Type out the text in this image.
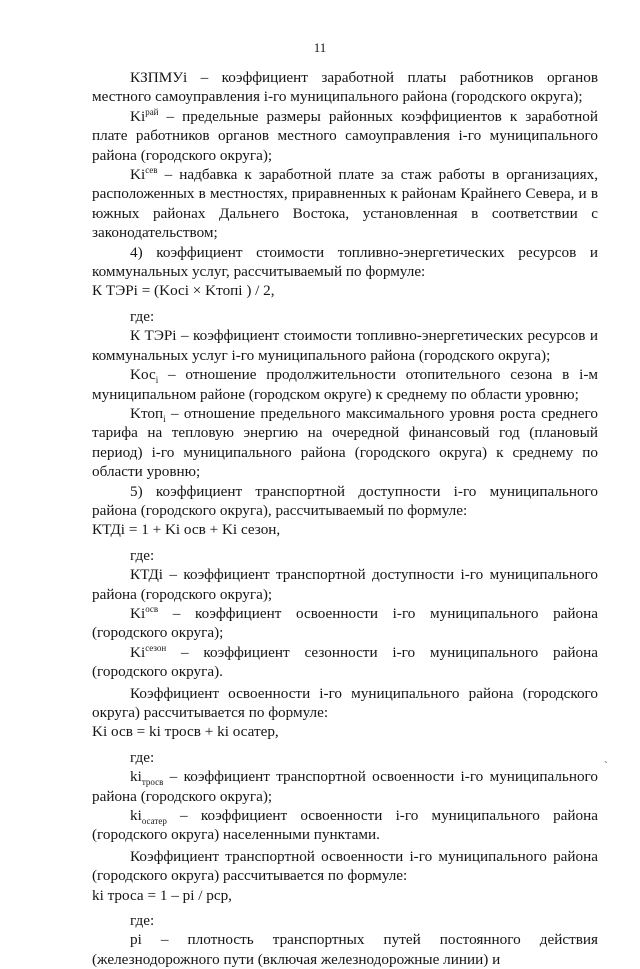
11

КЗПМУi – коэффициент заработной платы работников органов местного самоуправления i-го муниципального района (городского округа);

$Ki^{рай}$ – предельные размеры районных коэффициентов к заработной плате работников органов местного самоуправления i-го муниципального района (городского округа);

$Ki^{сев}$ – надбавка к заработной плате за стаж работы в организациях, расположенных в местностях, приравненных к районам Крайнего Севера, и в южных районах Дальнего Востока, установленная в соответствии с законодательством;

4) коэффициент стоимости топливно-энергетических ресурсов и коммунальных услуг, рассчитываемый по формуле:

К ТЭРi = (Kосi × Kтопi ) / 2,

где:

К ТЭРi – коэффициент стоимости топливно-энергетических ресурсов и коммунальных услуг i-го муниципального района (городского округа);

Kос$_i$ – отношение продолжительности отопительного сезона в i-м муниципальном районе (городском округе) к среднему по области уровню;

Kтоп$_i$ – отношение предельного максимального уровня роста среднего тарифа на тепловую энергию на очередной финансовый год (плановый период) i-го муниципального района (городского округа) к среднему по области уровню;

5) коэффициент транспортной доступности i-го муниципального района (городского округа), рассчитываемый по формуле:

КТДi = 1 + Ki осв + Ki сезон,

где:

КТДi – коэффициент транспортной доступности i-го муниципального района (городского округа);

$Ki^{осв}$ – коэффициент освоенности i-го муниципального района (городского округа);

$Ki^{сезон}$ – коэффициент сезонности i-го муниципального района (городского округа).

Коэффициент освоенности i-го муниципального района (городского округа) рассчитывается по формуле:

Ki осв = ki тросв + ki осатер,

где:

$ki_{тросв}$ – коэффициент транспортной освоенности i-го муниципального района (городского округа);

$ki_{осатер}$ – коэффициент освоенности i-го муниципального района (городского округа) населенными пунктами.

Коэффициент транспортной освоенности i-го муниципального района (городского округа) рассчитывается по формуле:

ki троса = 1 – pi / pср,

где:

pi – плотность транспортных путей постоянного действия (железнодорожного пути (включая железнодорожные линии) и

`
